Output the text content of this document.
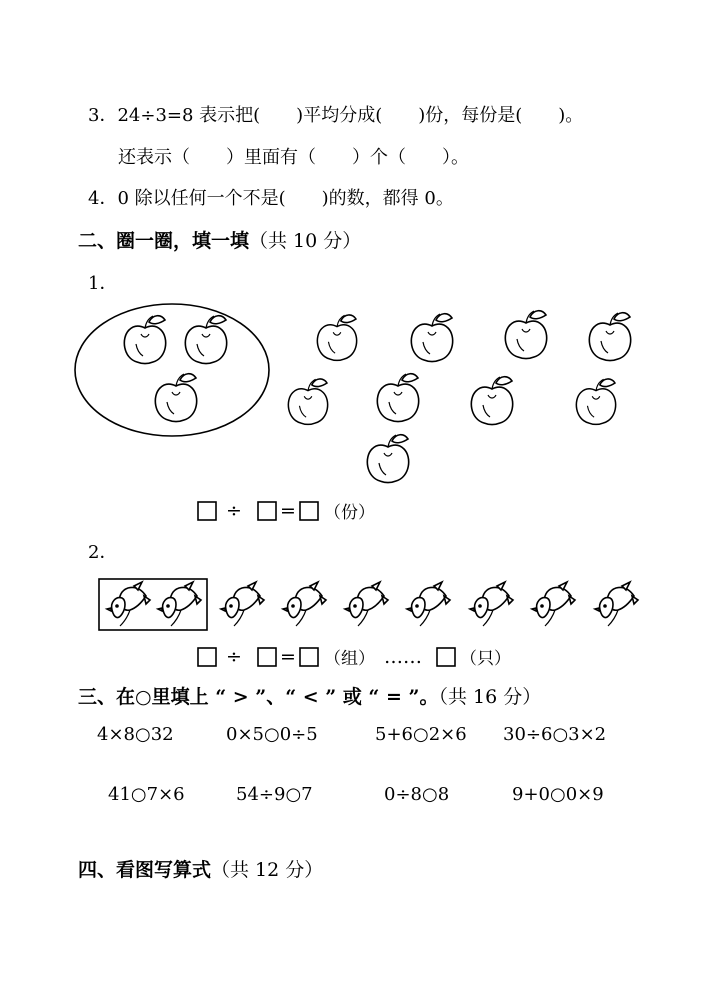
3．24÷3=8 表示把(　　)平均分成(　　)份，每份是(　　)。
还表示（　　）里面有（　　）个（　　）。
4．0 除以任何一个不是(　　)的数，都得 0。
二、圈一圈，填一填（共 10 分）
1．
÷ = （份）
2．
÷ = （组） …… （只）
三、在○里填上 “ > ”、“ < ” 或 “ = ”。（共 16 分）
4×8○32	0×5○0÷5	5+6○2×6 30÷6○3×2
41○7×6	54÷9○7	0÷8○8	9+0○0×9
四、看图写算式（共 12 分）
